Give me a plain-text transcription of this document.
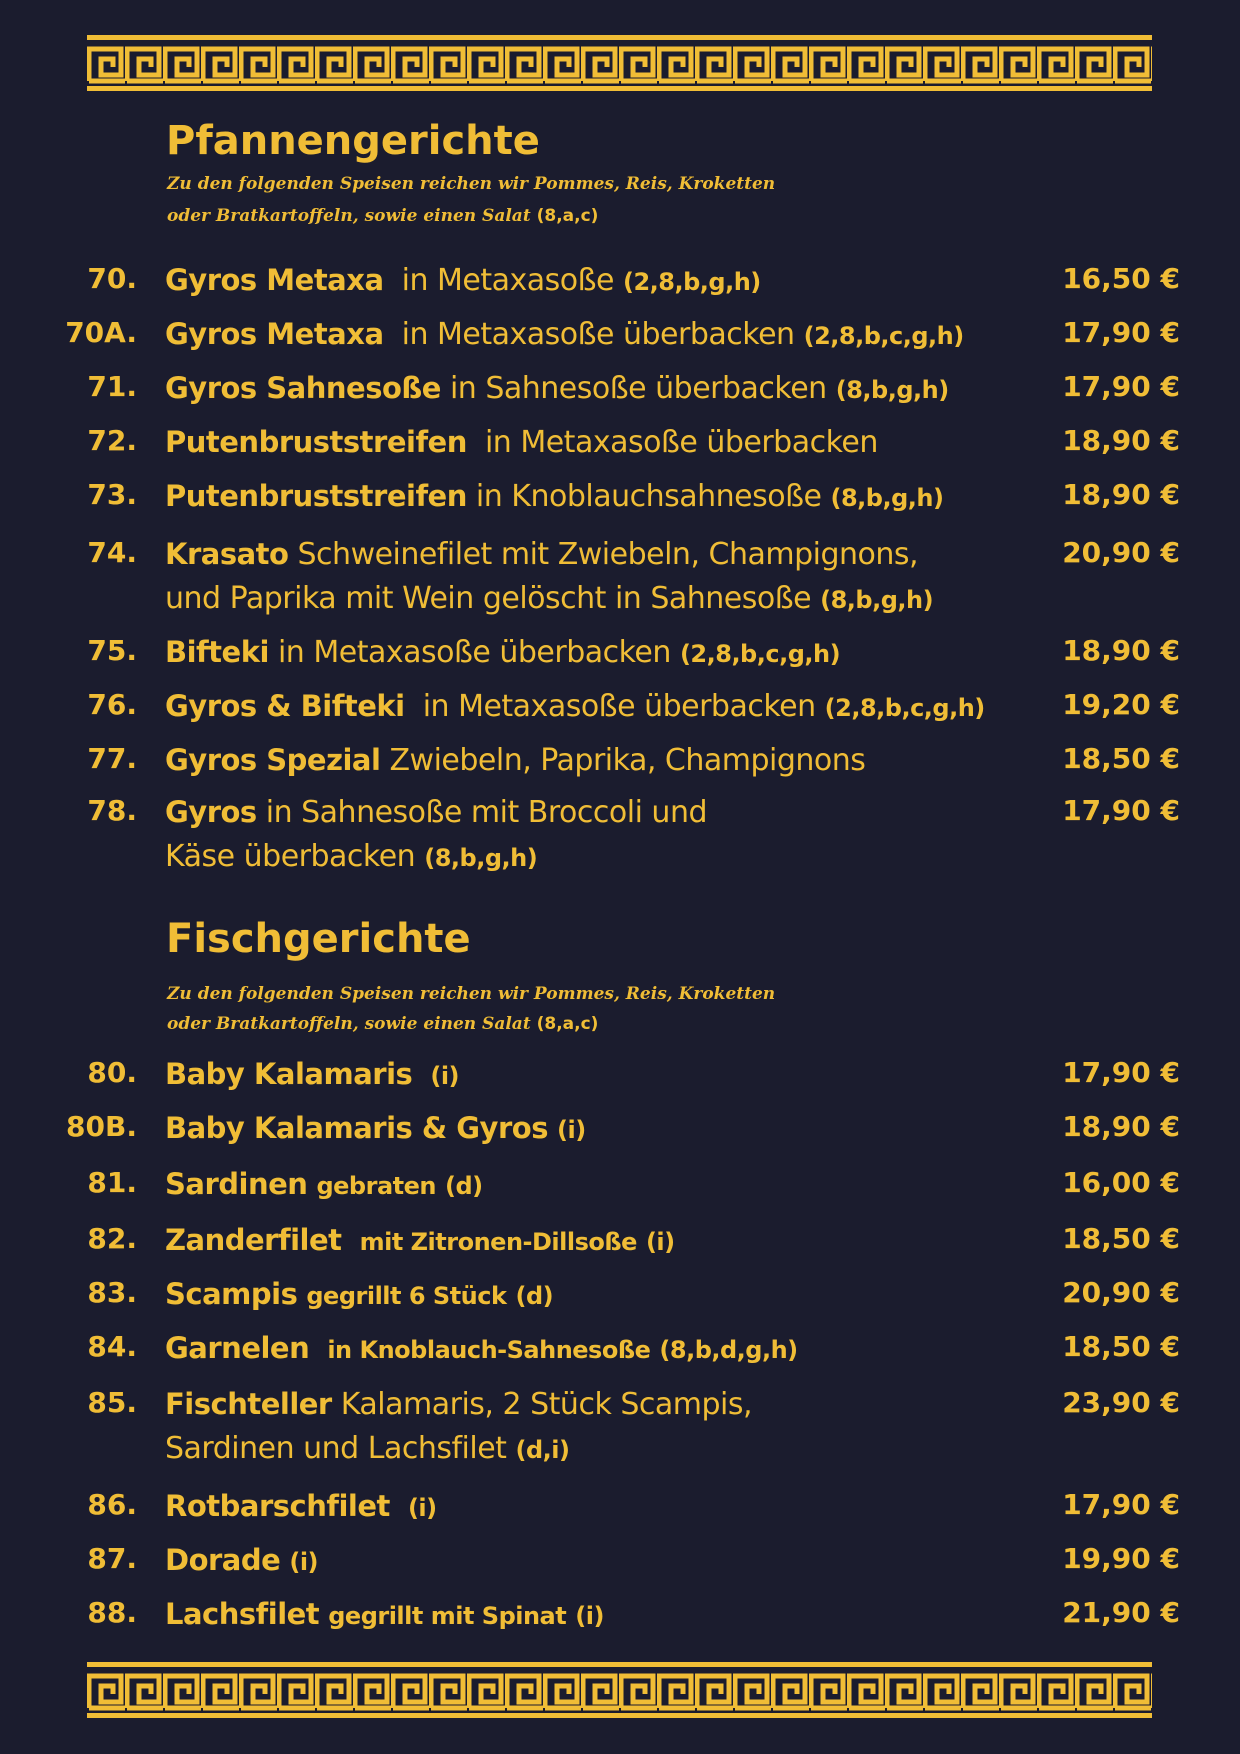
Pfannengerichte

Zu den folgenden Speisen reichen wir Pommes, Reis, Kroketten

oder Bratkartoffeln, sowie einen Salat (8,a,c)

70. Gyros Metaxa in Metaxasoße (2,8,b,g,h)	16,50 €
70A. Gyros Metaxa in Metaxasoße überbacken (2,8,b,c,g,h)	17,90 €
71. Gyros Sahnesoße in Sahnesoße überbacken (8,b,g,h)	17,90 €
72. Putenbruststreifen in Metaxasoße überbacken	18,90 €
73. Putenbruststreifen in Knoblauchsahnesoße (8,b,g,h)	18,90 €
74. Krasato Schweinefilet mit Zwiebeln, Champignons,
und Paprika mit Wein gelöscht in Sahnesoße (8,b,g,h)
20,90 €
75. Bifteki in Metaxasoße überbacken (2,8,b,c,g,h)	18,90 €
76. Gyros & Bifteki in Metaxasoße überbacken (2,8,b,c,g,h)	19,20 €
77. Gyros Spezial Zwiebeln, Paprika, Champignons	18,50 €
78. Gyros in Sahnesoße mit Broccoli und
Käse überbacken (8,b,g,h)
17,90 €
Fischgerichte

Zu den folgenden Speisen reichen wir Pommes, Reis, Kroketten

oder Bratkartoffeln, sowie einen Salat (8,a,c)

80. Baby Kalamaris (i)	17,90 €
80B. Baby Kalamaris & Gyros (i)	18,90 €
81. Sardinen gebraten (d)	16,00 €
82. Zanderfilet mit Zitronen-Dillsoße (i)	18,50 €
83. Scampis gegrillt 6 Stück (d)	20,90 €
84. Garnelen in Knoblauch-Sahnesoße (8,b,d,g,h)	18,50 €
85. Fischteller Kalamaris, 2 Stück Scampis,
Sardinen und Lachsfilet (d,i)
23,90 €
86. Rotbarschfilet (i)	17,90 €
87. Dorade (i)	19,90 €
88. Lachsfilet gegrillt mit Spinat (i)	21,90 €
